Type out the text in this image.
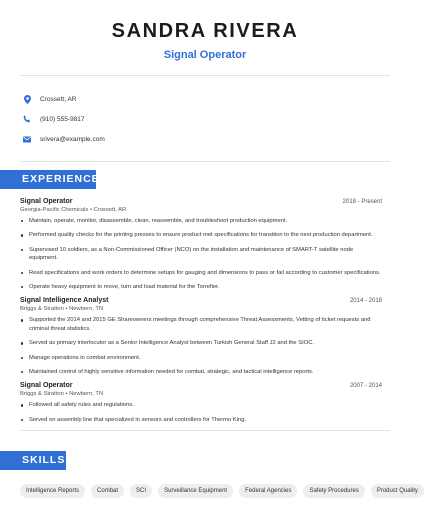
SANDRA RIVERA
Signal Operator
Crossett, AR
(910) 555-9817
srivera@example.com
EXPERIENCE
Signal Operator	2018 - Present
Georgia-Pacific Chemicals • Crossett, AR
Maintain, operate, monitor, disassemble, clean, reassemble, and troubleshoot production equipment.
Performed quality checks for the printing presses to ensure product met specifications for transition to the next production department.
Supervised 10 soldiers, as a Non-Commissioned Officer (NCO) on the installation and maintenance of SMART-T satellite node equipment.
Read specifications and work orders to determine setups for gauging and dimensions to pass or fail according to customer specifications.
Operate heavy equipment to move, turn and load material for the Torrefier.
Signal Intelligence Analyst	2014 - 2018
Briggs & Stratton • Newbern, TN
Supported the 2014 and 2015 GE Shareowners meetings through comprehensive Threat Assessments, Vetting of ticket requests and criminal threat statistics.
Served as primary interlocutor as a Senior Intelligence Analyst between Turkish General Staff J2 and the SIOC.
Manage operations in combat environment.
Maintained control of highly sensitive information needed for combat, strategic, and tactical intelligence reports.
Signal Operator	2007 - 2014
Briggs & Stratton • Newbern, TN
Followed all safety rules and regulations.
Served on assembly line that specialized in sensors and controllers for Thermo King.
SKILLS
Intelligence Reports	Combat	SCI	Surveillance Equipment	Federal Agencies	Safety Procedures	Product Quality
